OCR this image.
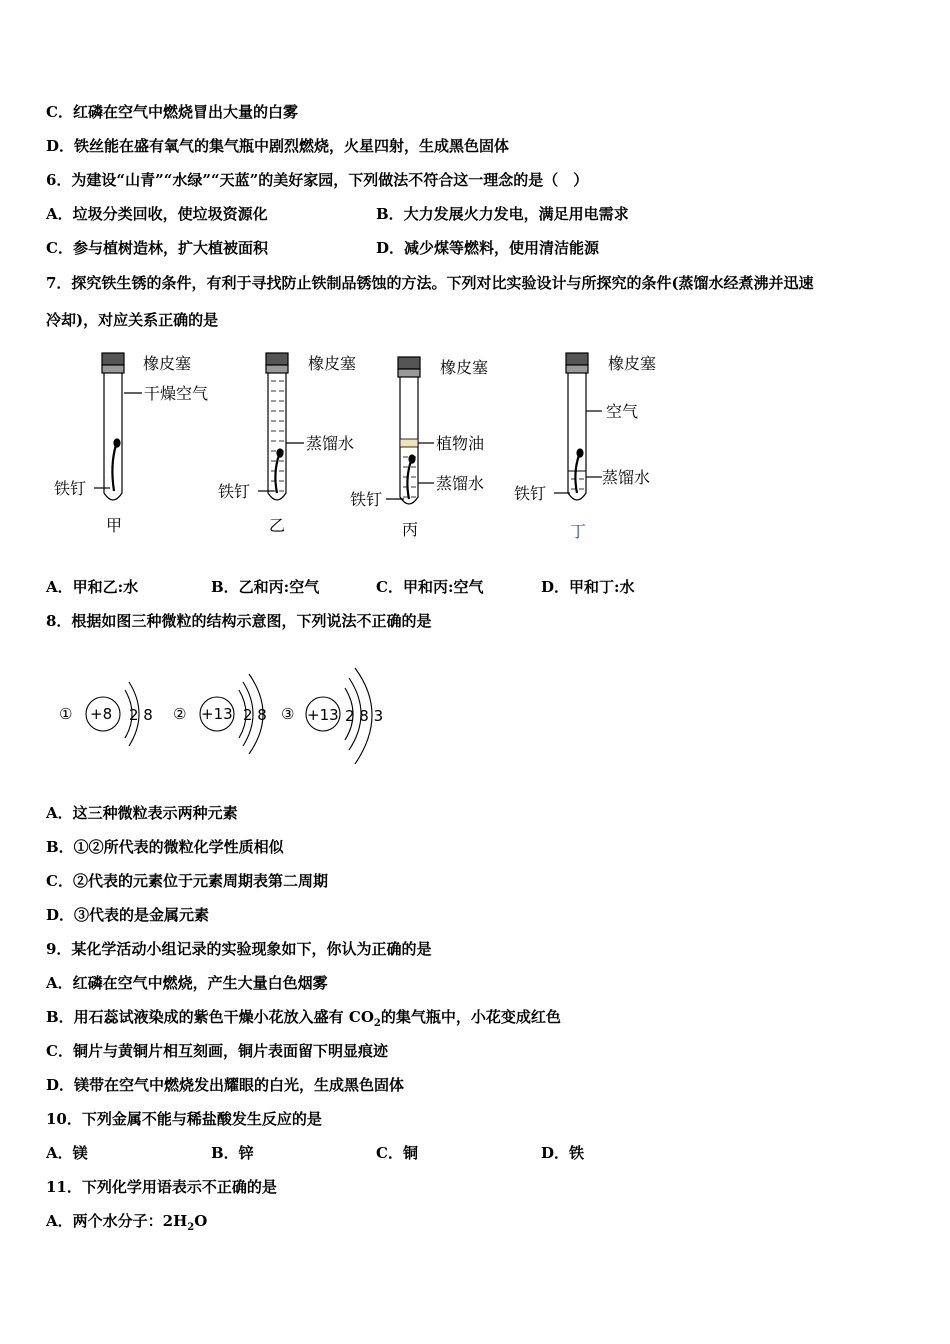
C．红磷在空气中燃烧冒出大量的白雾
D．铁丝能在盛有氧气的集气瓶中剧烈燃烧，火星四射，生成黑色固体
6．为建设“山青”“水绿”“天蓝”的美好家园，下列做法不符合这一理念的是（　）
A．垃圾分类回收，使垃圾资源化	B．大力发展火力发电，满足用电需求
C．参与植树造林，扩大植被面积	D．减少煤等燃料，使用清洁能源
7．探究铁生锈的条件，有利于寻找防止铁制品锈蚀的方法。下列对比实验设计与所探究的条件(蒸馏水经煮沸并迅速
冷却)，对应关系正确的是
橡皮塞
干燥空气
铁钉
甲
橡皮塞
蒸馏水
铁钉
乙
橡皮塞
植物油
蒸馏水
铁钉
丙
橡皮塞
空气
蒸馏水
铁钉
丁
A．甲和乙:水	B．乙和丙:空气	C．甲和丙:空气	D．甲和丁:水
8．根据如图三种微粒的结构示意图，下列说法不正确的是
① +8 2 8 ② +13 2 8 ③ +13 2 8 3
A．这三种微粒表示两种元素
B．①②所代表的微粒化学性质相似
C．②代表的元素位于元素周期表第二周期
D．③代表的是金属元素
9．某化学活动小组记录的实验现象如下，你认为正确的是
A．红磷在空气中燃烧，产生大量白色烟雾
B．用石蕊试液染成的紫色干燥小花放入盛有 $CO_2$的集气瓶中，小花变成红色
C．铜片与黄铜片相互刻画，铜片表面留下明显痕迹
D．镁带在空气中燃烧发出耀眼的白光，生成黑色固体
10．下列金属不能与稀盐酸发生反应的是
A．镁	B．锌	C．铜	D．铁
11．下列化学用语表示不正确的是
A．两个水分子：$2H_2O$
